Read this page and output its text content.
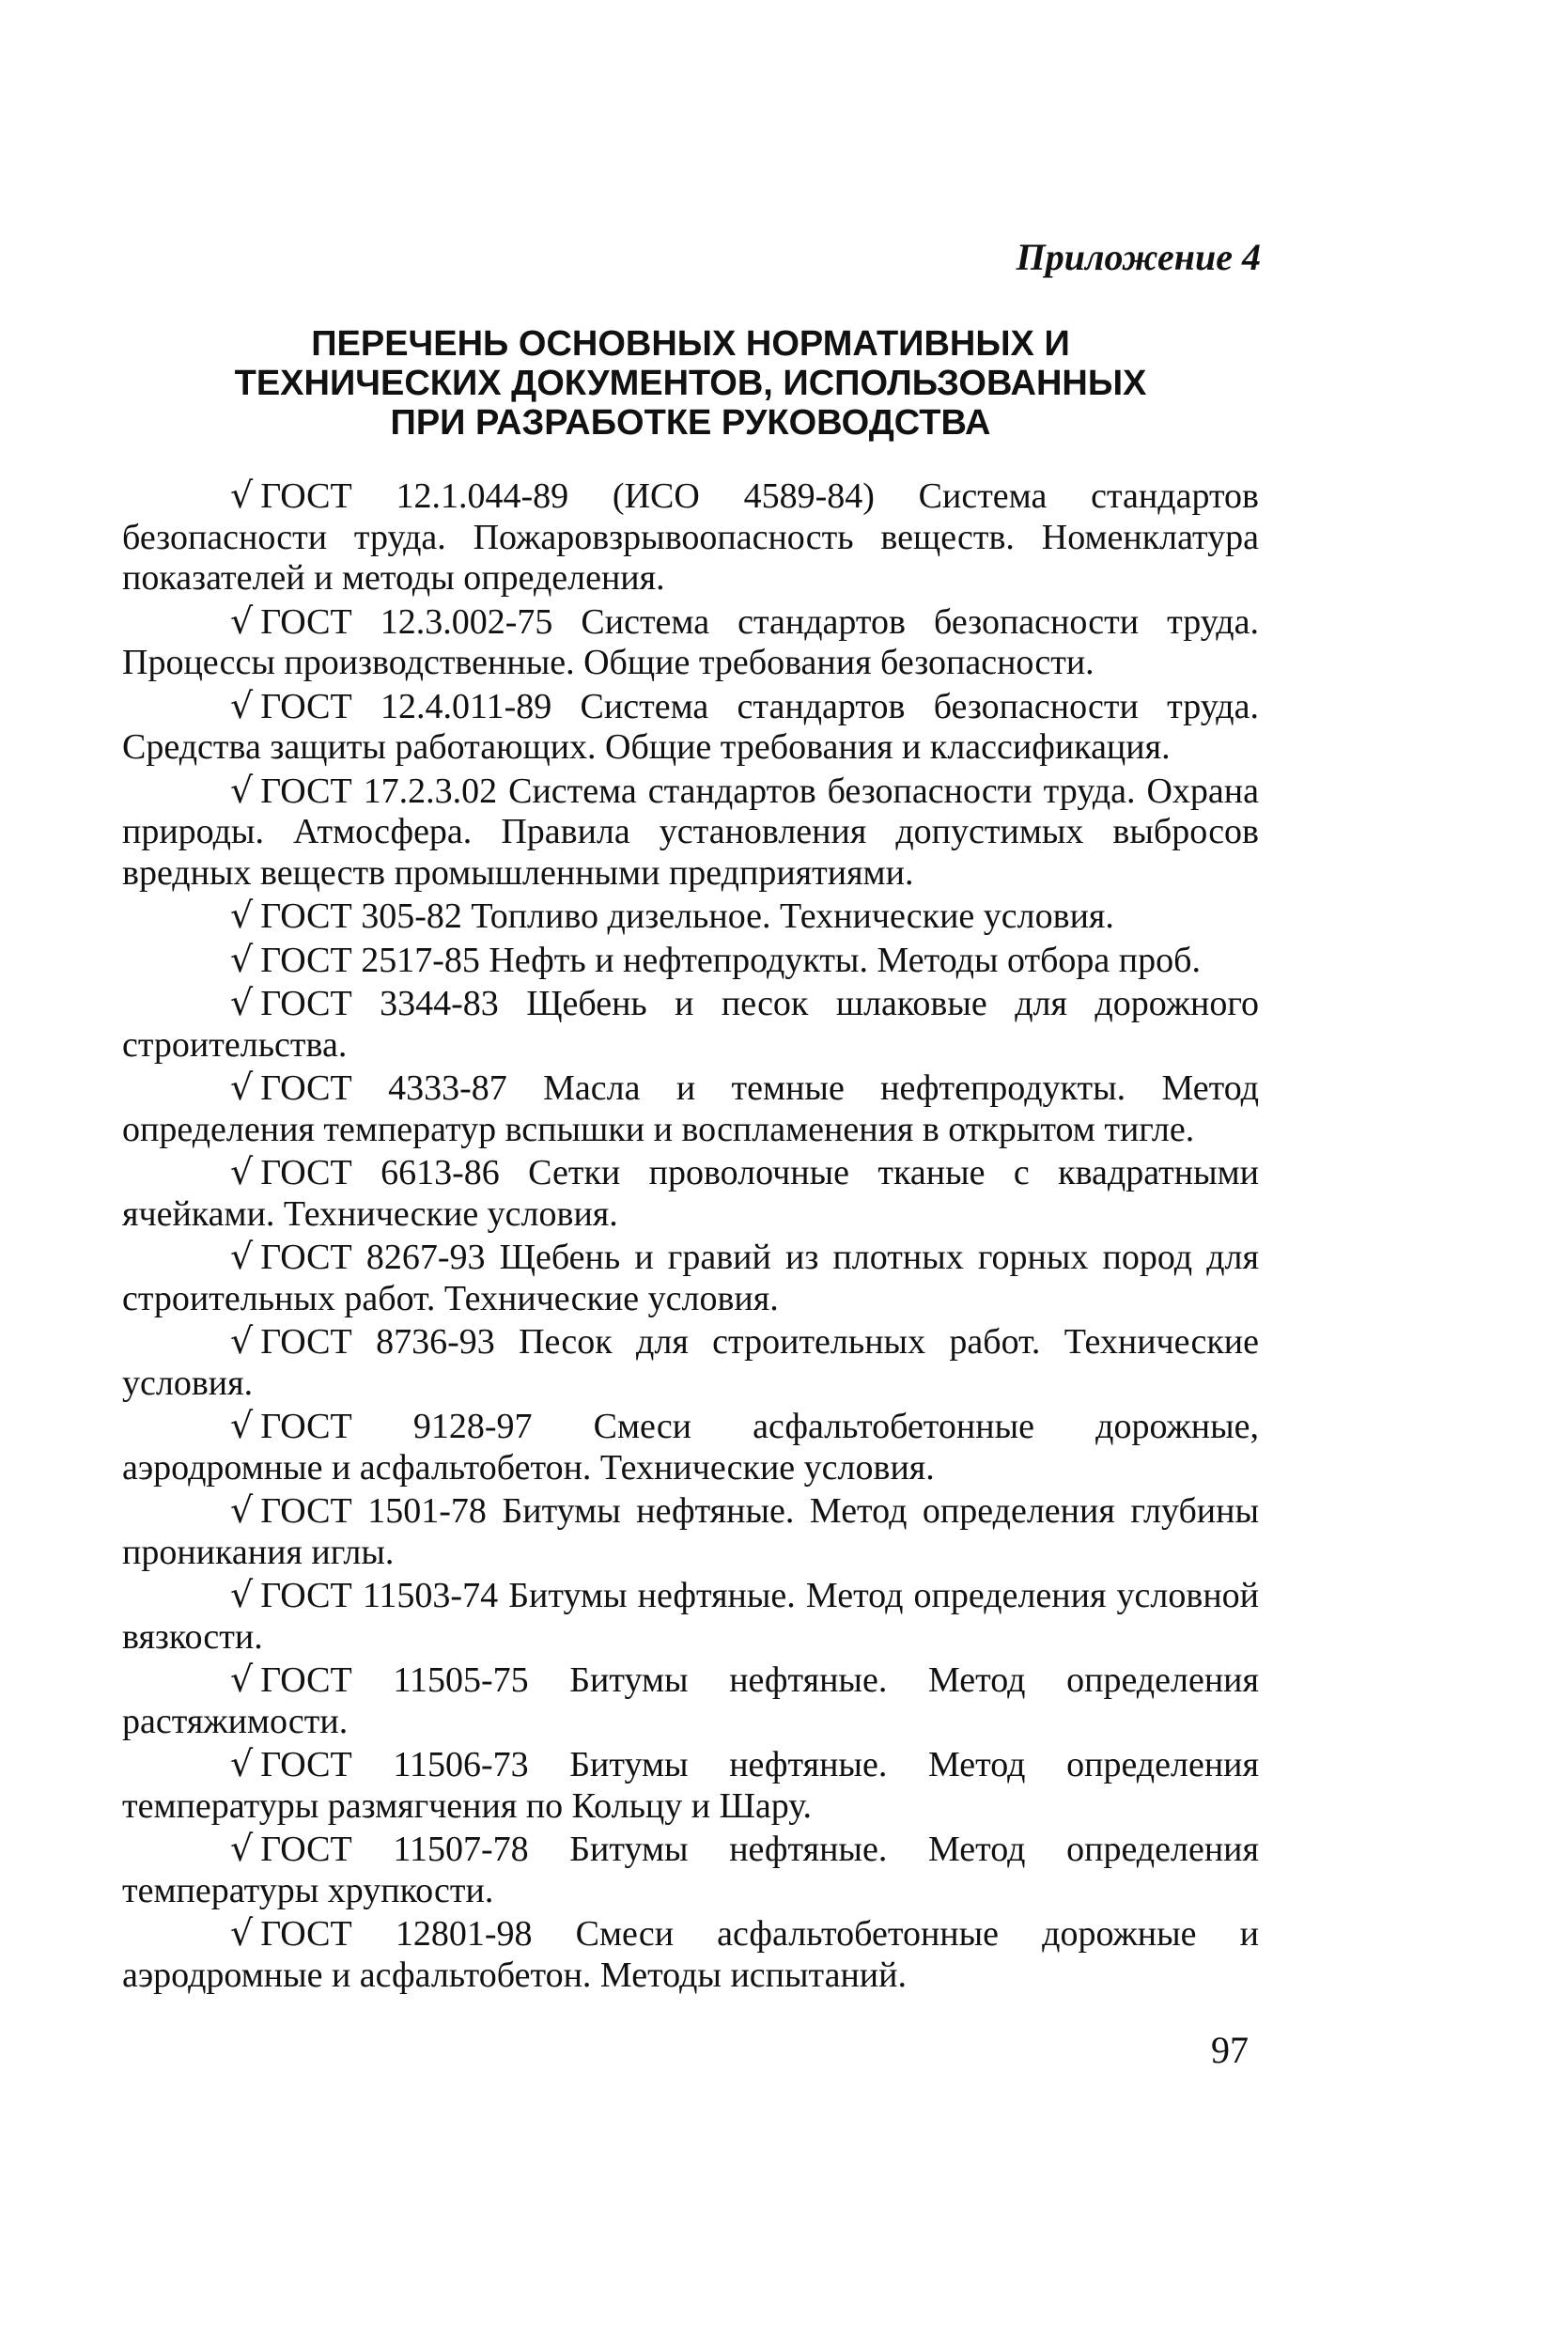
Приложение 4
ПЕРЕЧЕНЬ ОСНОВНЫХ НОРМАТИВНЫХ И
ТЕХНИЧЕСКИХ ДОКУМЕНТОВ, ИСПОЛЬЗОВАННЫХ
ПРИ РАЗРАБОТКЕ РУКОВОДСТВА

√ ГОСТ 12.1.044-89 (ИСО 4589-84) Система стандартов безопасности труда. Пожаровзрывоопасность веществ. Номенклатура показателей и методы определения.

√ ГОСТ 12.3.002-75 Система стандартов безопасности труда. Процессы производственные. Общие требования безопасности.

√ ГОСТ 12.4.011-89 Система стандартов безопасности труда. Средства защиты работающих. Общие требования и классификация.

√ ГОСТ 17.2.3.02 Система стандартов безопасности труда. Охрана природы. Атмосфера. Правила установления допустимых выбросов вредных веществ промышленными предприятиями.

√ ГОСТ 305-82 Топливо дизельное. Технические условия.

√ ГОСТ 2517-85 Нефть и нефтепродукты. Методы отбора проб.

√ ГОСТ 3344-83 Щебень и песок шлаковые для дорожного строительства.

√ ГОСТ 4333-87 Масла и темные нефтепродукты. Метод определения температур вспышки и воспламенения в открытом тигле.

√ ГОСТ 6613-86 Сетки проволочные тканые с квадратными ячейками. Технические условия.

√ ГОСТ 8267-93 Щебень и гравий из плотных горных пород для строительных работ. Технические условия.

√ ГОСТ 8736-93 Песок для строительных работ. Технические условия.

√ ГОСТ 9128-97 Смеси асфальтобетонные дорожные, аэродромные и асфальтобетон. Технические условия.

√ ГОСТ 1501-78 Битумы нефтяные. Метод определения глубины проникания иглы.

√ ГОСТ 11503-74 Битумы нефтяные. Метод определения условной вязкости.

√ ГОСТ 11505-75 Битумы нефтяные. Метод определения растяжимости.

√ ГОСТ 11506-73 Битумы нефтяные. Метод определения температуры размягчения по Кольцу и Шару.

√ ГОСТ 11507-78 Битумы нефтяные. Метод определения температуры хрупкости.

√ ГОСТ 12801-98 Смеси асфальтобетонные дорожные и аэродромные и асфальтобетон. Методы испытаний.

97
